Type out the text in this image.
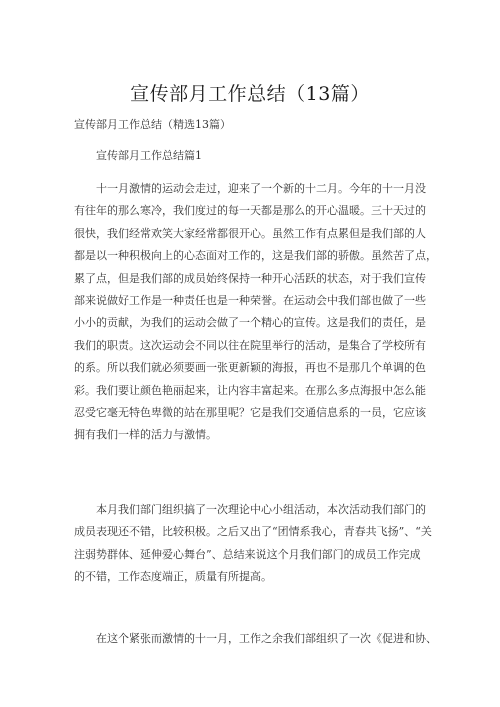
宣传部月工作总结（13篇）
宣传部月工作总结（精选13篇）
宣传部月工作总结篇1
十一月激情的运动会走过，迎来了一个新的十二月。今年的十一月没
有往年的那么寒冷，我们度过的每一天都是那么的开心温暖。三十天过的
很快，我们经常欢笑大家经常都很开心。虽然工作有点累但是我们部的人
都是以一种积极向上的心态面对工作的，这是我们部的骄傲。虽然苦了点，
累了点，但是我们部的成员始终保持一种开心活跃的状态，对于我们宣传
部来说做好工作是一种责任也是一种荣誉。在运动会中我们部也做了一些
小小的贡献，为我们的运动会做了一个精心的宣传。这是我们的责任，是
我们的职责。这次运动会不同以往在院里举行的活动，是集合了学校所有
的系。所以我们就必须要画一张更新颖的海报，再也不是那几个单调的色
彩。我们要让颜色艳丽起来，让内容丰富起来。在那么多点海报中怎么能
忍受它毫无特色卑微的站在那里呢？它是我们交通信息系的一员，它应该
拥有我们一样的活力与激情。
本月我们部门组织搞了一次理论中心小组活动，本次活动我们部门的
成员表现还不错，比较积极。之后又出了“团情系我心，青春共飞扬”、“关
注弱势群体、延伸爱心舞台”、总结来说这个月我们部门的成员工作完成
的不错，工作态度端正，质量有所提高。
在这个紧张而激情的十一月，工作之余我们部组织了一次《促进和协、
